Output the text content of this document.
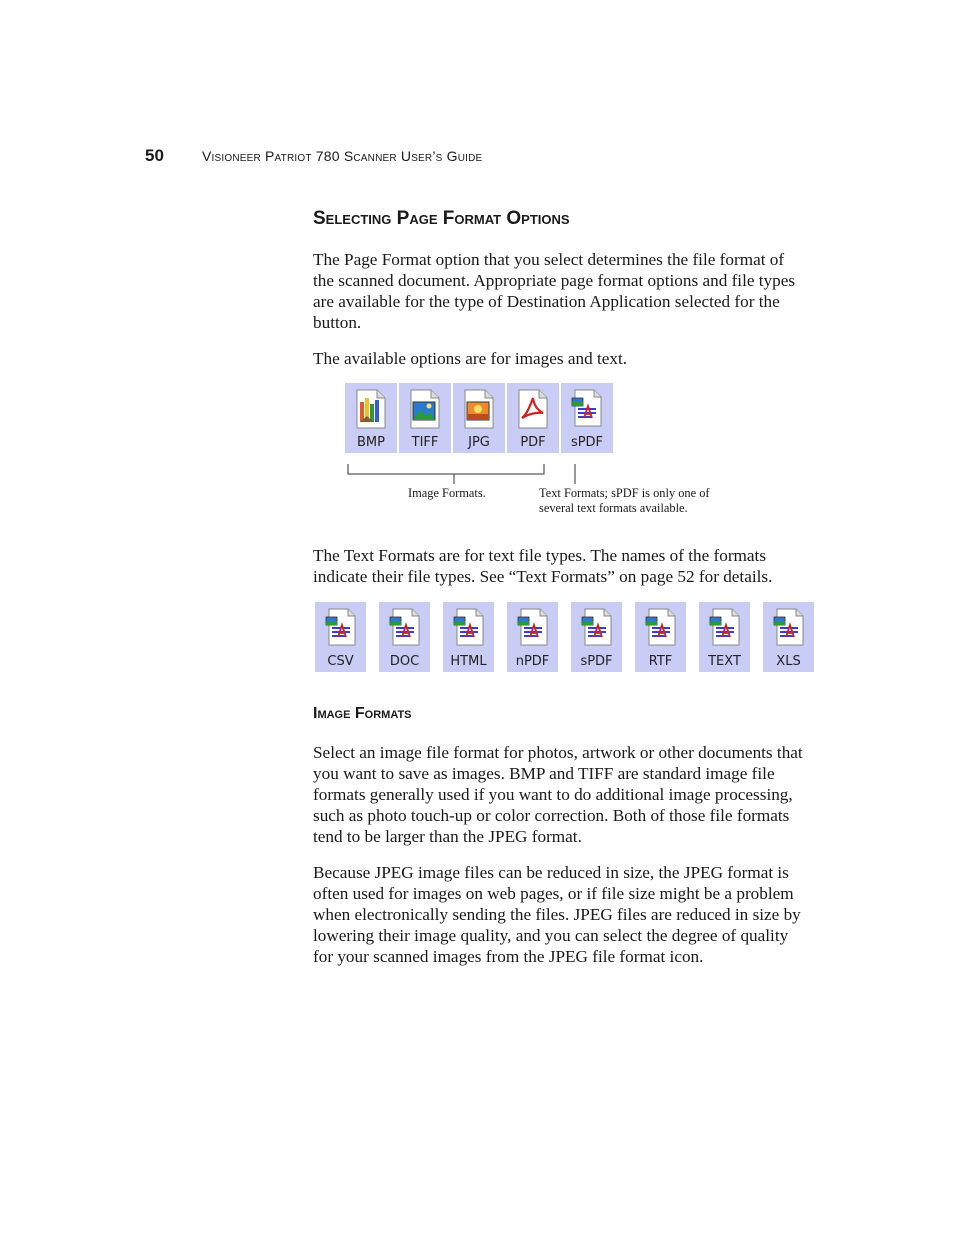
50	Visioneer Patriot 780 Scanner User’s Guide
Selecting Page Format Options

The Page Format option that you select determines the file format of the scanned document. Appropriate page format options and file types are available for the type of Destination Application selected for the button.

The available options are for images and text.

BMP	TIFF	JPG	PDF	sPDF

Image Formats.	Text Formats; sPDF is only one of several text formats available.

The Text Formats are for text file types. The names of the formats indicate their file types. See “Text Formats” on page 52 for details.

CSV	DOC	HTML	nPDF	sPDF	RTF	TEXT	XLS
Image Formats

Select an image file format for photos, artwork or other documents that you want to save as images. BMP and TIFF are standard image file formats generally used if you want to do additional image processing, such as photo touch-up or color correction. Both of those file formats tend to be larger than the JPEG format.

Because JPEG image files can be reduced in size, the JPEG format is often used for images on web pages, or if file size might be a problem when electronically sending the files. JPEG files are reduced in size by lowering their image quality, and you can select the degree of quality for your scanned images from the JPEG file format icon.
